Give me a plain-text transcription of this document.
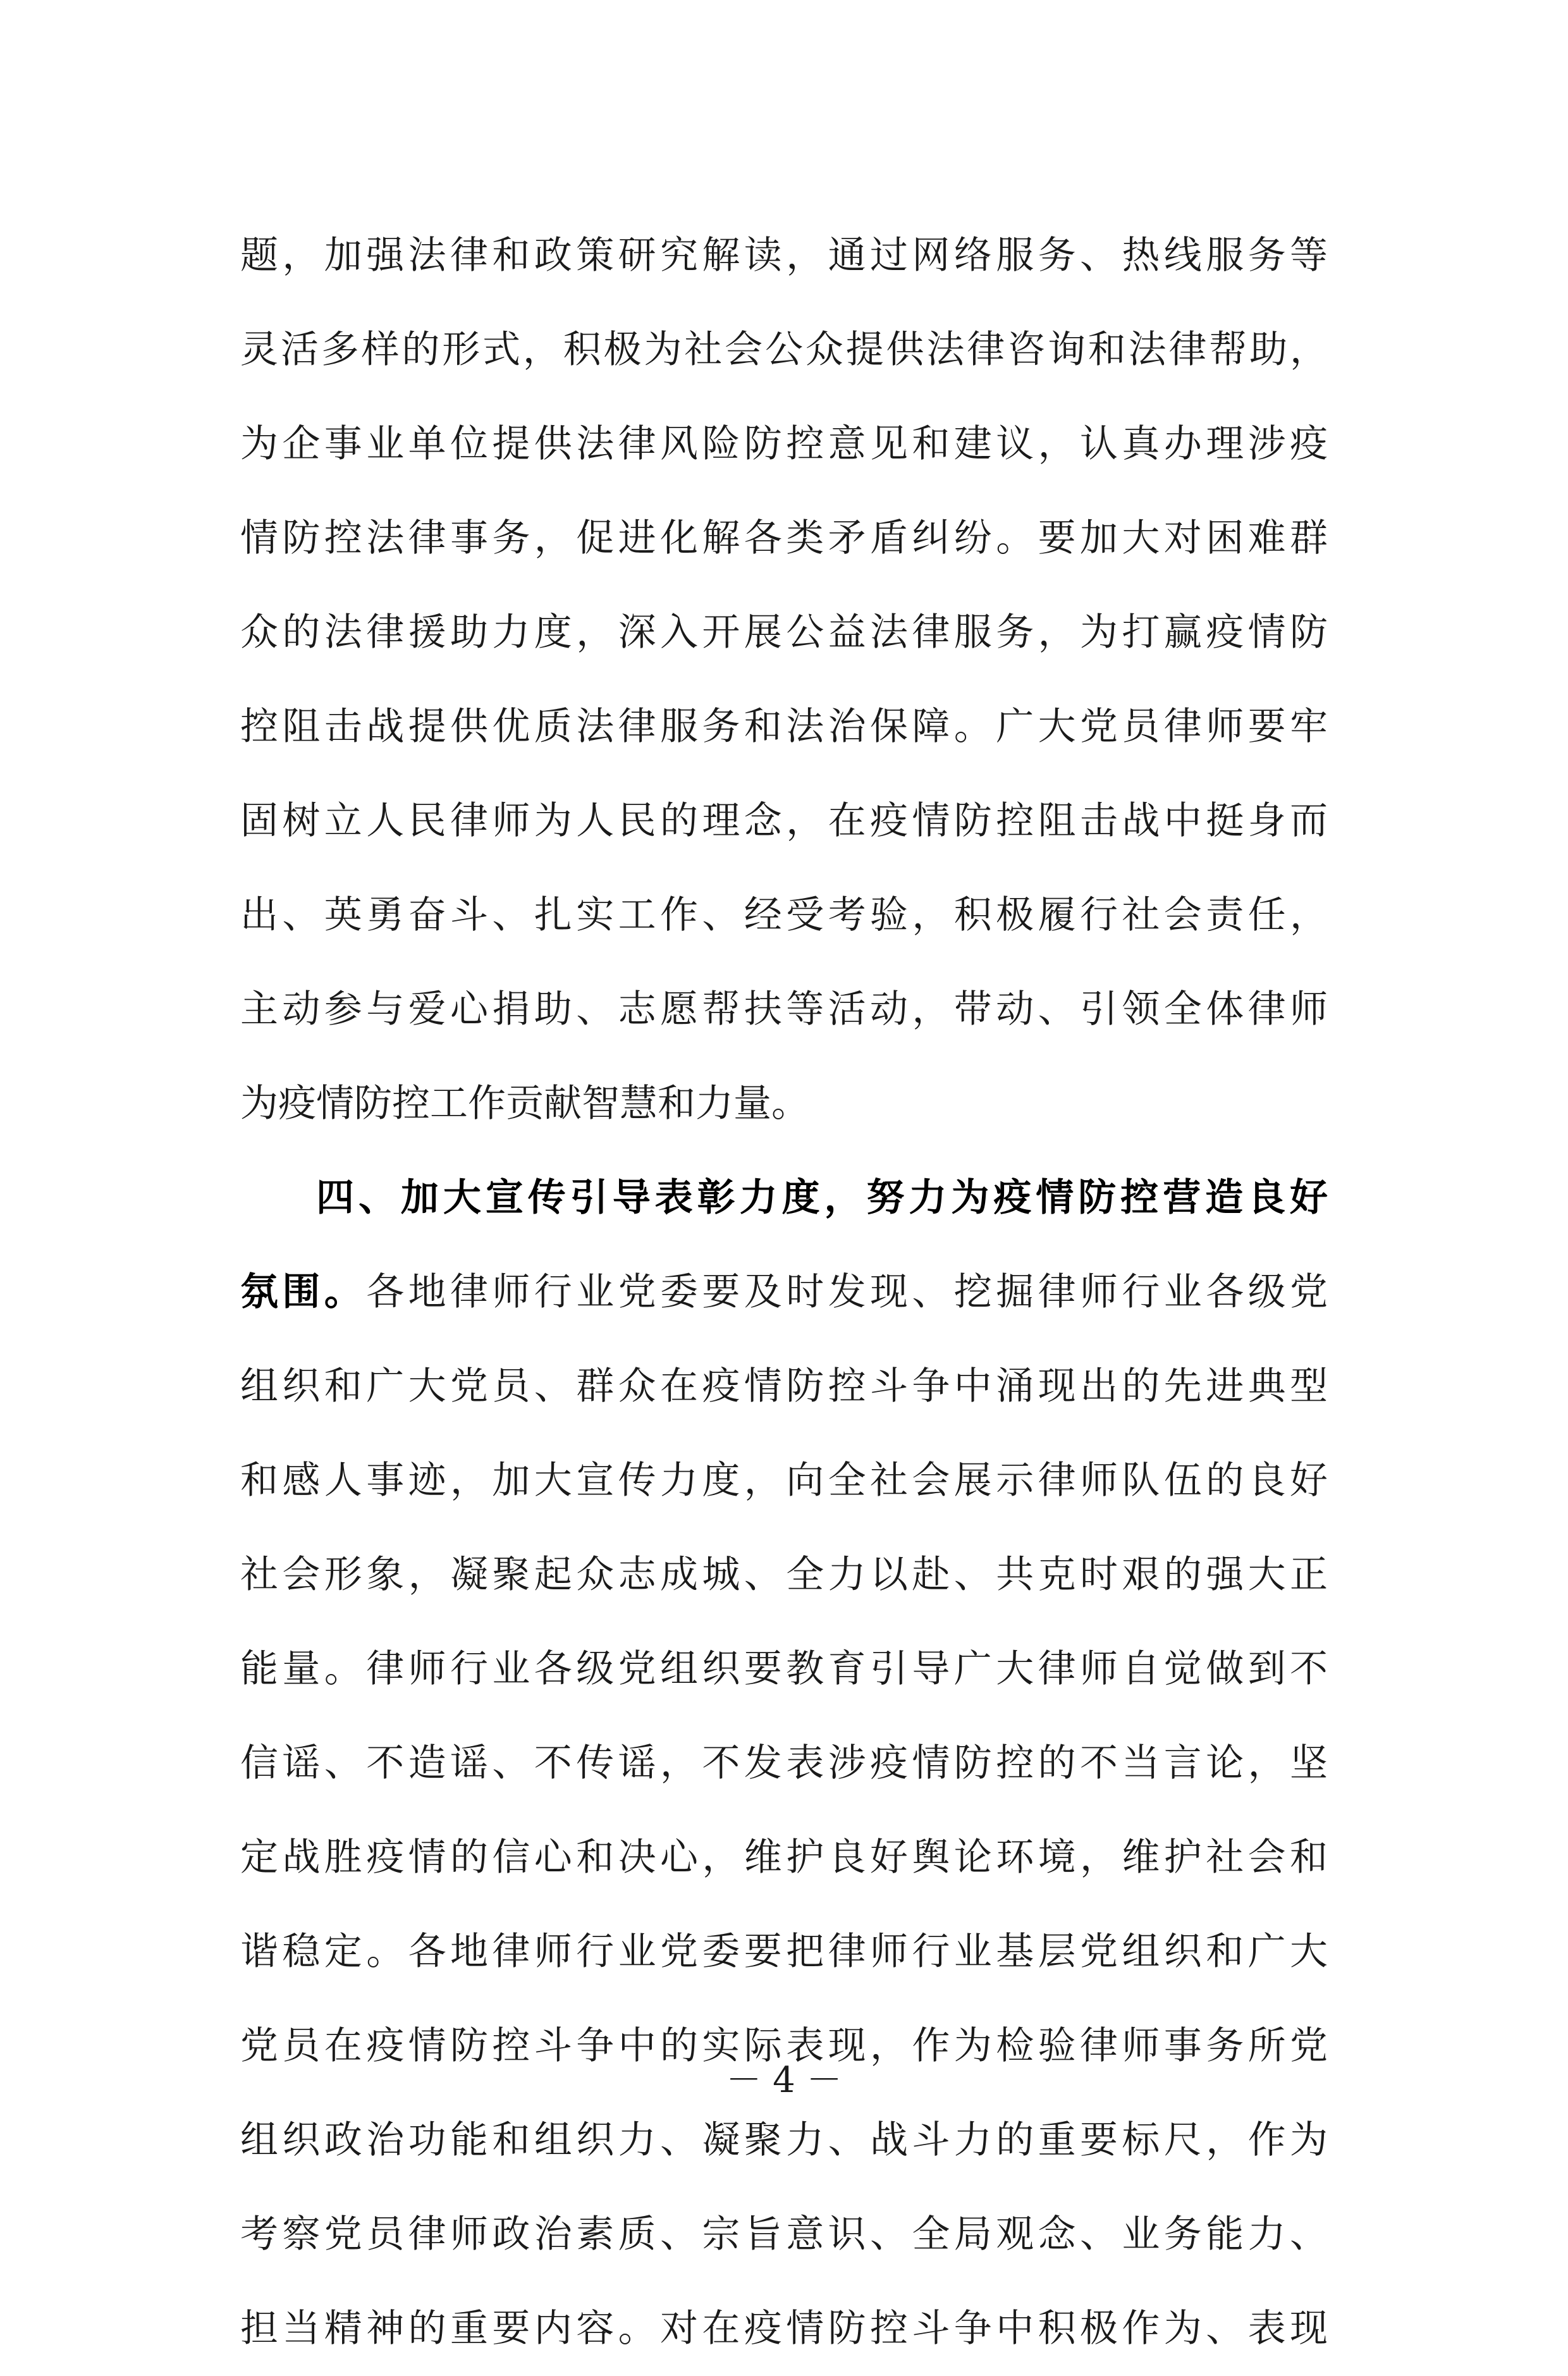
题，加强法律和政策研究解读，通过网络服务、热线服务等
灵活多样的形式，积极为社会公众提供法律咨询和法律帮助，
为企事业单位提供法律风险防控意见和建议，认真办理涉疫
情防控法律事务，促进化解各类矛盾纠纷。要加大对困难群
众的法律援助力度，深入开展公益法律服务，为打赢疫情防
控阻击战提供优质法律服务和法治保障。广大党员律师要牢
固树立人民律师为人民的理念，在疫情防控阻击战中挺身而
出、英勇奋斗、扎实工作、经受考验，积极履行社会责任，
主动参与爱心捐助、志愿帮扶等活动，带动、引领全体律师
为疫情防控工作贡献智慧和力量。
四、加大宣传引导表彰力度，努力为疫情防控营造良好
氛围。各地律师行业党委要及时发现、挖掘律师行业各级党
组织和广大党员、群众在疫情防控斗争中涌现出的先进典型
和感人事迹，加大宣传力度，向全社会展示律师队伍的良好
社会形象，凝聚起众志成城、全力以赴、共克时艰的强大正
能量。律师行业各级党组织要教育引导广大律师自觉做到不
信谣、不造谣、不传谣，不发表涉疫情防控的不当言论，坚
定战胜疫情的信心和决心，维护良好舆论环境，维护社会和
谐稳定。各地律师行业党委要把律师行业基层党组织和广大
党员在疫情防控斗争中的实际表现，作为检验律师事务所党
组织政治功能和组织力、凝聚力、战斗力的重要标尺，作为
考察党员律师政治素质、宗旨意识、全局观念、业务能力、
担当精神的重要内容。对在疫情防控斗争中积极作为、表现
－ 4 －
